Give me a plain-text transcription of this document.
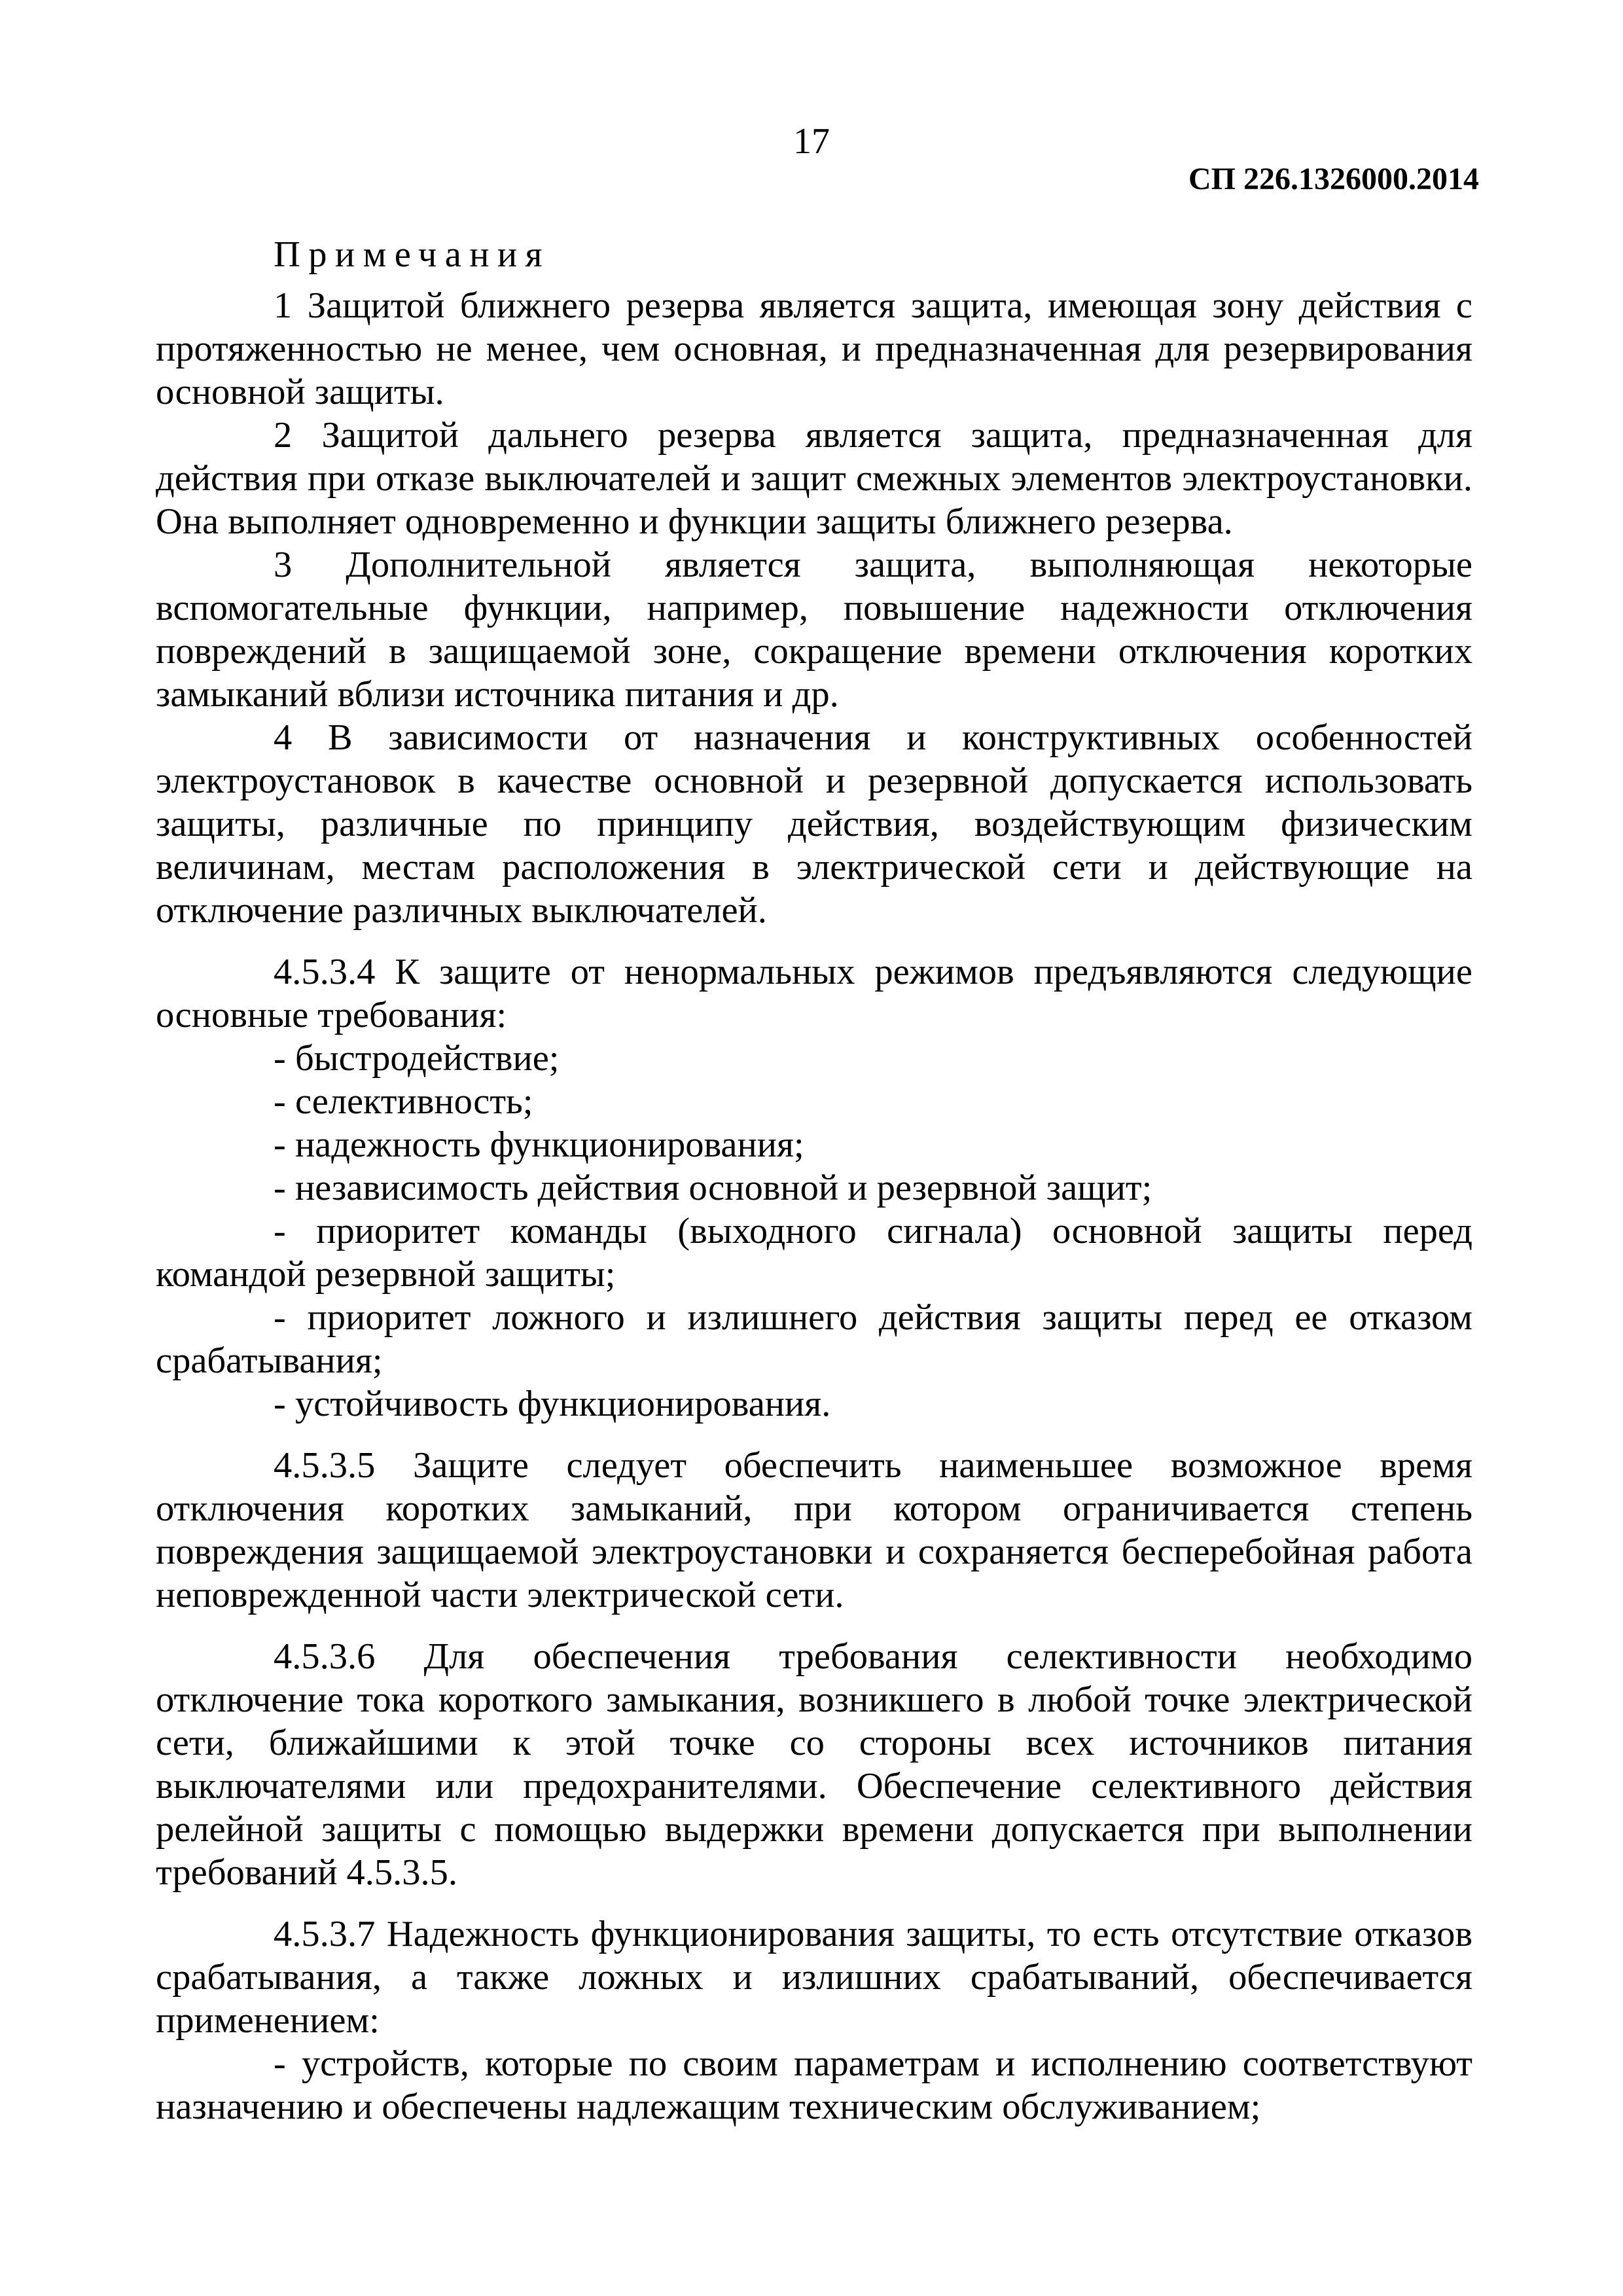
17
СП 226.1326000.2014

Примечания

1 Защитой ближнего резерва является защита, имеющая зону действия с протяженностью не менее, чем основная, и предназначенная для резервирования основной защиты.

2 Защитой дальнего резерва является защита, предназначенная для действия при отказе выключателей и защит смежных элементов электроустановки. Она выполняет одновременно и функции защиты ближнего резерва.

3 Дополнительной является защита, выполняющая некоторые вспомогательные функции, например, повышение надежности отключения повреждений в защищаемой зоне, сокращение времени отключения коротких замыканий вблизи источника питания и др.

4 В зависимости от назначения и конструктивных особенностей электроустановок в качестве основной и резервной допускается использовать защиты, различные по принципу действия, воздействующим физическим величинам, местам расположения в электрической сети и действующие на отключение различных выключателей.

4.5.3.4 К защите от ненормальных режимов предъявляются следующие основные требования:

- быстродействие;

- селективность;

- надежность функционирования;

- независимость действия основной и резервной защит;

- приоритет команды (выходного сигнала) основной защиты перед командой резервной защиты;

- приоритет ложного и излишнего действия защиты перед ее отказом срабатывания;

- устойчивость функционирования.

4.5.3.5 Защите следует обеспечить наименьшее возможное время отключения коротких замыканий, при котором ограничивается степень повреждения защищаемой электроустановки и сохраняется бесперебойная работа неповрежденной части электрической сети.

4.5.3.6 Для обеспечения требования селективности необходимо отключение тока короткого замыкания, возникшего в любой точке электрической сети, ближайшими к этой точке со стороны всех источников питания выключателями или предохранителями. Обеспечение селективного действия релейной защиты с помощью выдержки времени допускается при выполнении требований 4.5.3.5.

4.5.3.7 Надежность функционирования защиты, то есть отсутствие отказов срабатывания, а также ложных и излишних срабатываний, обеспечивается применением:

- устройств, которые по своим параметрам и исполнению соответствуют назначению и обеспечены надлежащим техническим обслуживанием;
